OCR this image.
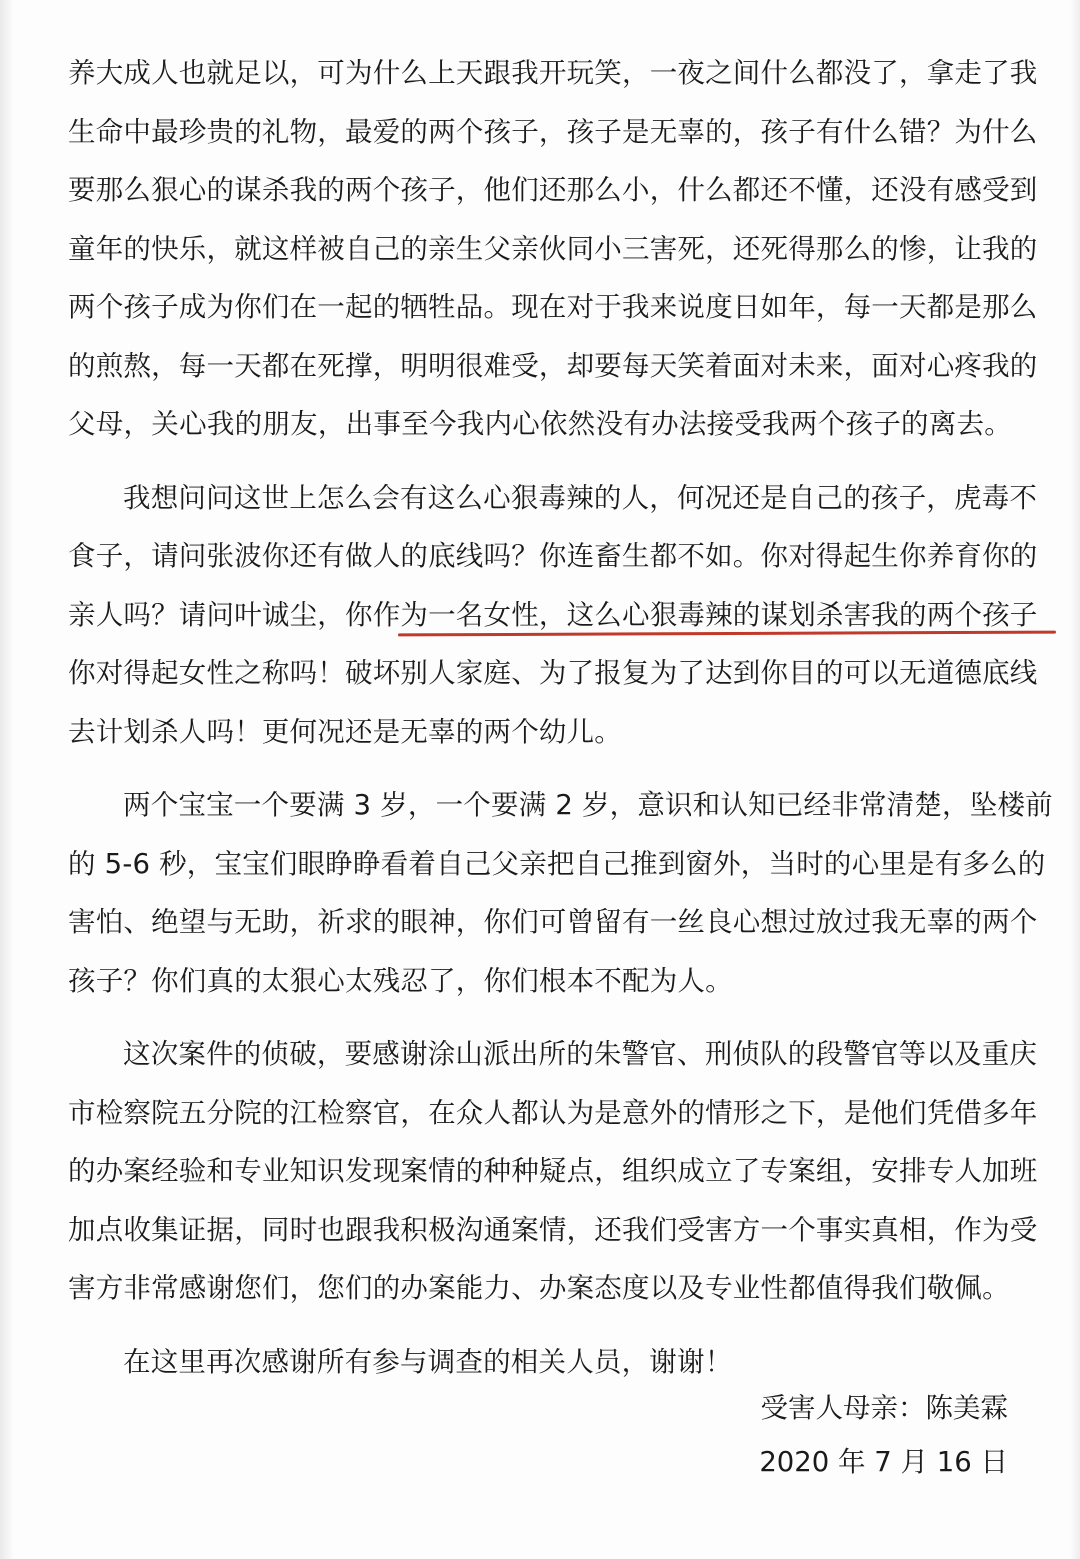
养大成人也就足以，可为什么上天跟我开玩笑，一夜之间什么都没了，拿走了我
生命中最珍贵的礼物，最爱的两个孩子，孩子是无辜的，孩子有什么错？为什么
要那么狠心的谋杀我的两个孩子，他们还那么小，什么都还不懂，还没有感受到
童年的快乐，就这样被自己的亲生父亲伙同小三害死，还死得那么的惨，让我的
两个孩子成为你们在一起的牺牲品。现在对于我来说度日如年，每一天都是那么
的煎熬，每一天都在死撑，明明很难受，却要每天笑着面对未来，面对心疼我的
父母，关心我的朋友，出事至今我内心依然没有办法接受我两个孩子的离去。
我想问问这世上怎么会有这么心狠毒辣的人，何况还是自己的孩子，虎毒不
食子，请问张波你还有做人的底线吗？你连畜生都不如。你对得起生你养育你的
亲人吗？请问叶诚尘，你作为一名女性，这么心狠毒辣的谋划杀害我的两个孩子
你对得起女性之称吗！破坏别人家庭、为了报复为了达到你目的可以无道德底线
去计划杀人吗！更何况还是无辜的两个幼儿。
两个宝宝一个要满 3 岁，一个要满 2 岁，意识和认知已经非常清楚，坠楼前
的 5-6 秒，宝宝们眼睁睁看着自己父亲把自己推到窗外，当时的心里是有多么的
害怕、绝望与无助，祈求的眼神，你们可曾留有一丝良心想过放过我无辜的两个
孩子？你们真的太狠心太残忍了，你们根本不配为人。
这次案件的侦破，要感谢涂山派出所的朱警官、刑侦队的段警官等以及重庆
市检察院五分院的江检察官，在众人都认为是意外的情形之下，是他们凭借多年
的办案经验和专业知识发现案情的种种疑点，组织成立了专案组，安排专人加班
加点收集证据，同时也跟我积极沟通案情，还我们受害方一个事实真相，作为受
害方非常感谢您们，您们的办案能力、办案态度以及专业性都值得我们敬佩。
在这里再次感谢所有参与调查的相关人员，谢谢！
受害人母亲：陈美霖
2020 年 7 月 16 日
